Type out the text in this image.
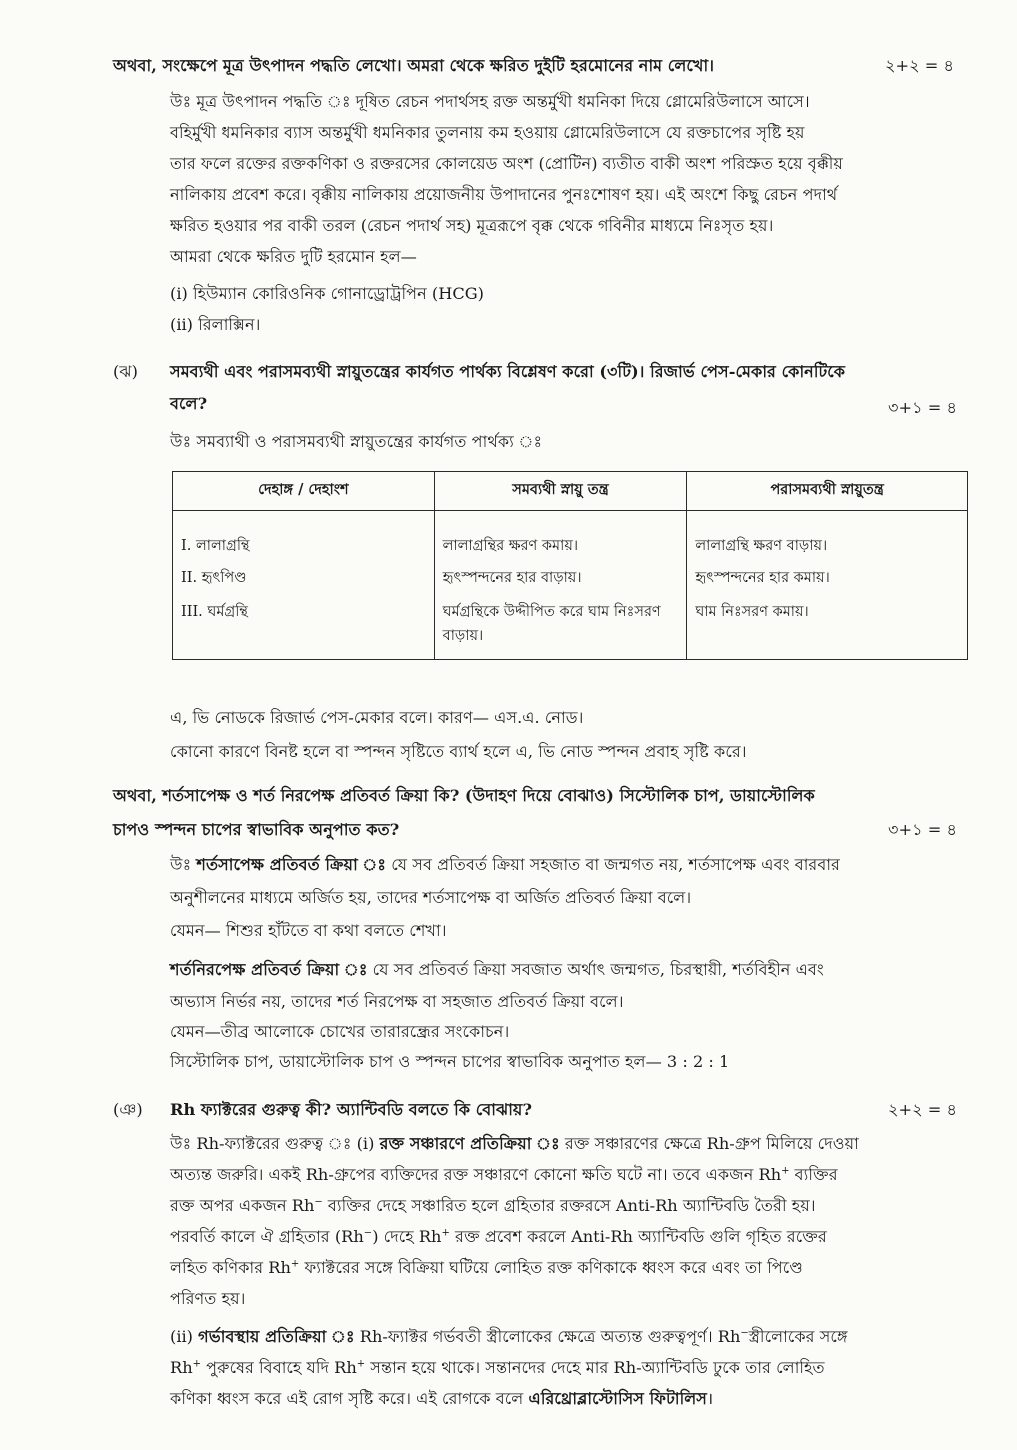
অথবা, সংক্ষেপে মূত্র উৎপাদন পদ্ধতি লেখো। অমরা থেকে ক্ষরিত দুইটি হরমোনের নাম লেখো।	২+২ = ৪
উঃ মূত্র উৎপাদন পদ্ধতি ঃ দূষিত রেচন পদার্থসহ রক্ত অন্তর্মুখী ধমনিকা দিয়ে গ্লোমেরিউলাসে আসে।
বহির্মুখী ধমনিকার ব্যাস অন্তর্মুখী ধমনিকার তুলনায় কম হওয়ায় গ্লোমেরিউলাসে যে রক্তচাপের সৃষ্টি হয়
তার ফলে রক্তের রক্তকণিকা ও রক্তরসের কোলয়েড অংশ (প্রোটিন) ব্যতীত বাকী অংশ পরিস্রুত হয়ে বৃক্কীয়
নালিকায় প্রবেশ করে। বৃক্কীয় নালিকায় প্রয়োজনীয় উপাদানের পুনঃশোষণ হয়। এই অংশে কিছু রেচন পদার্থ
ক্ষরিত হওয়ার পর বাকী তরল (রেচন পদার্থ সহ) মূত্ররূপে বৃক্ক থেকে গবিনীর মাধ্যমে নিঃসৃত হয়।
আমরা থেকে ক্ষরিত দুটি হরমোন হল—
(i) হিউম্যান কোরিওনিক গোনাড্রোট্রপিন (HCG)
(ii) রিলাক্সিন।
(ঝ) সমব্যথী এবং পরাসমব্যথী স্নায়ুতন্ত্রের কার্যগত পার্থক্য বিশ্লেষণ করো (৩টি)। রিজার্ভ পেস-মেকার কোনটিকে
বলে?	৩+১ = ৪
উঃ সমব্যাথী ও পরাসমব্যথী স্নায়ুতন্ত্রের কার্যগত পার্থক্য ঃ
দেহাঙ্গ / দেহাংশ	সমব্যথী স্নায়ু তন্ত্র	পরাসমব্যথী স্নায়ুতন্ত্র
I. লালাগ্রন্থি	লালাগ্রন্থির ক্ষরণ কমায়।	লালাগ্রন্থি ক্ষরণ বাড়ায়।
II. হৃৎপিণ্ড	হৃৎস্পন্দনের হার বাড়ায়।	হৃৎস্পন্দনের হার কমায়।
III. ঘর্মগ্রন্থি	ঘর্মগ্রন্থিকে উদ্দীপিত করে ঘাম নিঃসরণ বাড়ায়।	ঘাম নিঃসরণ কমায়।
এ, ভি নোডকে রিজার্ভ পেস-মেকার বলে। কারণ— এস.এ. নোড।
কোনো কারণে বিনষ্ট হলে বা স্পন্দন সৃষ্টিতে ব্যার্থ হলে এ, ভি নোড স্পন্দন প্রবাহ সৃষ্টি করে।
অথবা, শর্তসাপেক্ষ ও শর্ত নিরপেক্ষ প্রতিবর্ত ক্রিয়া কি? (উদাহণ দিয়ে বোঝাও) সিস্টোলিক চাপ, ডায়াস্টোলিক
চাপও স্পন্দন চাপের স্বাভাবিক অনুপাত কত?	৩+১ = ৪
উঃ শর্তসাপেক্ষ প্রতিবর্ত ক্রিয়া ঃ যে সব প্রতিবর্ত ক্রিয়া সহজাত বা জন্মগত নয়, শর্তসাপেক্ষ এবং বারবার
অনুশীলনের মাধ্যমে অর্জিত হয়, তাদের শর্তসাপেক্ষ বা অর্জিত প্রতিবর্ত ক্রিয়া বলে।
যেমন— শিশুর হাঁটতে বা কথা বলতে শেখা।
শর্তনিরপেক্ষ প্রতিবর্ত ক্রিয়া ঃ যে সব প্রতিবর্ত ক্রিয়া সবজাত অর্থাৎ জন্মগত, চিরস্থায়ী, শর্তবিহীন এবং
অভ্যাস নির্ভর নয়, তাদের শর্ত নিরপেক্ষ বা সহজাত প্রতিবর্ত ক্রিয়া বলে।
যেমন—তীব্র আলোকে চোখের তারারন্ধ্রের সংকোচন।
সিস্টোলিক চাপ, ডায়াস্টোলিক চাপ ও স্পন্দন চাপের স্বাভাবিক অনুপাত হল— 3 : 2 : 1
(ঞ) Rh ফ্যাক্টরের গুরুত্ব কী? অ্যান্টিবডি বলতে কি বোঝায়?	২+২ = ৪
উঃ Rh-ফ্যাক্টরের গুরুত্ব ঃ (i) রক্ত সঞ্চারণে প্রতিক্রিয়া ঃ রক্ত সঞ্চারণের ক্ষেত্রে Rh-গ্রুপ মিলিয়ে দেওয়া
অত্যন্ত জরুরি। একই Rh-গ্রুপের ব্যক্তিদের রক্ত সঞ্চারণে কোনো ক্ষতি ঘটে না। তবে একজন Rh+ ব্যক্তির
রক্ত অপর একজন Rh− ব্যক্তির দেহে সঞ্চারিত হলে গ্রহিতার রক্তরসে Anti-Rh অ্যান্টিবডি তৈরী হয়।
পরবর্তি কালে ঐ গ্রহিতার (Rh−) দেহে Rh+ রক্ত প্রবেশ করলে Anti-Rh অ্যান্টিবডি গুলি গৃহিত রক্তের
লহিত কণিকার Rh+ ফ্যাক্টরের সঙ্গে বিক্রিয়া ঘটিয়ে লোহিত রক্ত কণিকাকে ধ্বংস করে এবং তা পিণ্ডে
পরিণত হয়।
(ii) গর্ভাবস্থায় প্রতিক্রিয়া ঃ Rh-ফ্যাক্টর গর্ভবতী স্ত্রীলোকের ক্ষেত্রে অত্যন্ত গুরুত্বপূর্ণ। Rh−স্ত্রীলোকের সঙ্গে
Rh+ পুরুষের বিবাহে যদি Rh+ সন্তান হয়ে থাকে। সন্তানদের দেহে মার Rh-অ্যান্টিবডি ঢুকে তার লোহিত
কণিকা ধ্বংস করে এই রোগ সৃষ্টি করে। এই রোগকে বলে এরিথ্রোব্লাস্টোসিস ফিটালিস।
